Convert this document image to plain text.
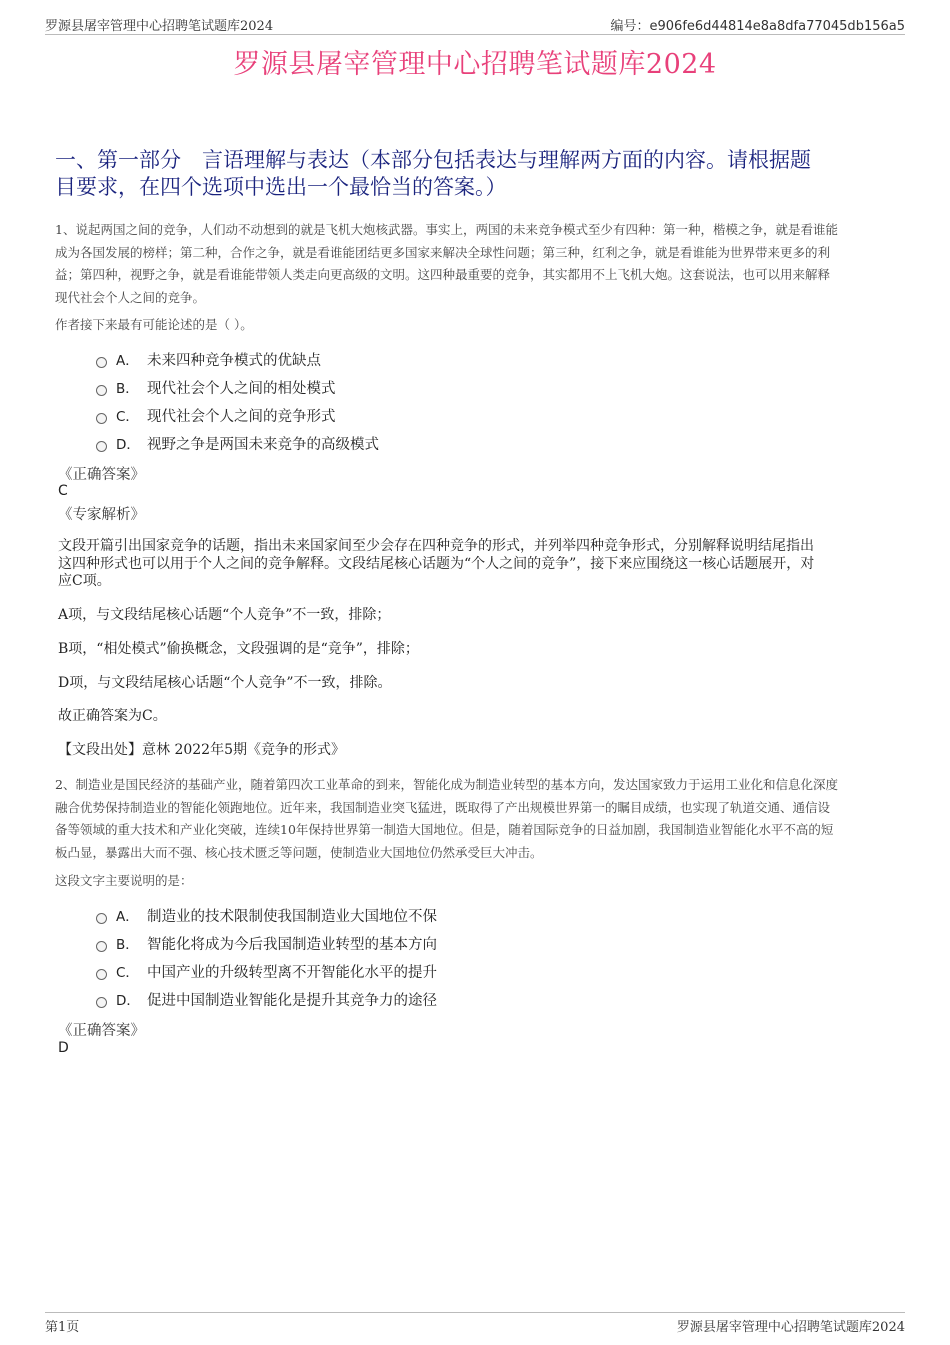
罗源县屠宰管理中心招聘笔试题库2024	编号：e906fe6d44814e8a8dfa77045db156a5
罗源县屠宰管理中心招聘笔试题库2024
一、第一部分　言语理解与表达（本部分包括表达与理解两方面的内容。请根据题
目要求，在四个选项中选出一个最恰当的答案。）
1、说起两国之间的竞争，人们动不动想到的就是飞机大炮核武器。事实上，两国的未来竞争模式至少有四种：第一种，楷模之争，就是看谁能
成为各国发展的榜样；第二种，合作之争，就是看谁能团结更多国家来解决全球性问题；第三种，红利之争，就是看谁能为世界带来更多的利
益；第四种，视野之争，就是看谁能带领人类走向更高级的文明。这四种最重要的竞争，其实都用不上飞机大炮。这套说法，也可以用来解释
现代社会个人之间的竞争。
作者接下来最有可能论述的是（ ）。
A． 未来四种竞争模式的优缺点
B． 现代社会个人之间的相处模式
C． 现代社会个人之间的竞争形式
D． 视野之争是两国未来竞争的高级模式
《正确答案》
C
《专家解析》
文段开篇引出国家竞争的话题，指出未来国家间至少会存在四种竞争的形式，并列举四种竞争形式，分别解释说明结尾指出
这四种形式也可以用于个人之间的竞争解释。文段结尾核心话题为“个人之间的竞争”，接下来应围绕这一核心话题展开，对
应C项。
A项，与文段结尾核心话题“个人竞争”不一致，排除；
B项，“相处模式”偷换概念，文段强调的是“竞争”，排除；
D项，与文段结尾核心话题“个人竞争”不一致，排除。
故正确答案为C。
【文段出处】意林 2022年5期《竞争的形式》
2、制造业是国民经济的基础产业，随着第四次工业革命的到来，智能化成为制造业转型的基本方向，发达国家致力于运用工业化和信息化深度
融合优势保持制造业的智能化领跑地位。近年来，我国制造业突飞猛进，既取得了产出规模世界第一的瞩目成绩，也实现了轨道交通、通信设
备等领域的重大技术和产业化突破，连续10年保持世界第一制造大国地位。但是，随着国际竞争的日益加剧，我国制造业智能化水平不高的短
板凸显，暴露出大而不强、核心技术匮乏等问题，使制造业大国地位仍然承受巨大冲击。
这段文字主要说明的是：
A． 制造业的技术限制使我国制造业大国地位不保
B． 智能化将成为今后我国制造业转型的基本方向
C． 中国产业的升级转型离不开智能化水平的提升
D． 促进中国制造业智能化是提升其竞争力的途径
《正确答案》
D
第1页	罗源县屠宰管理中心招聘笔试题库2024
